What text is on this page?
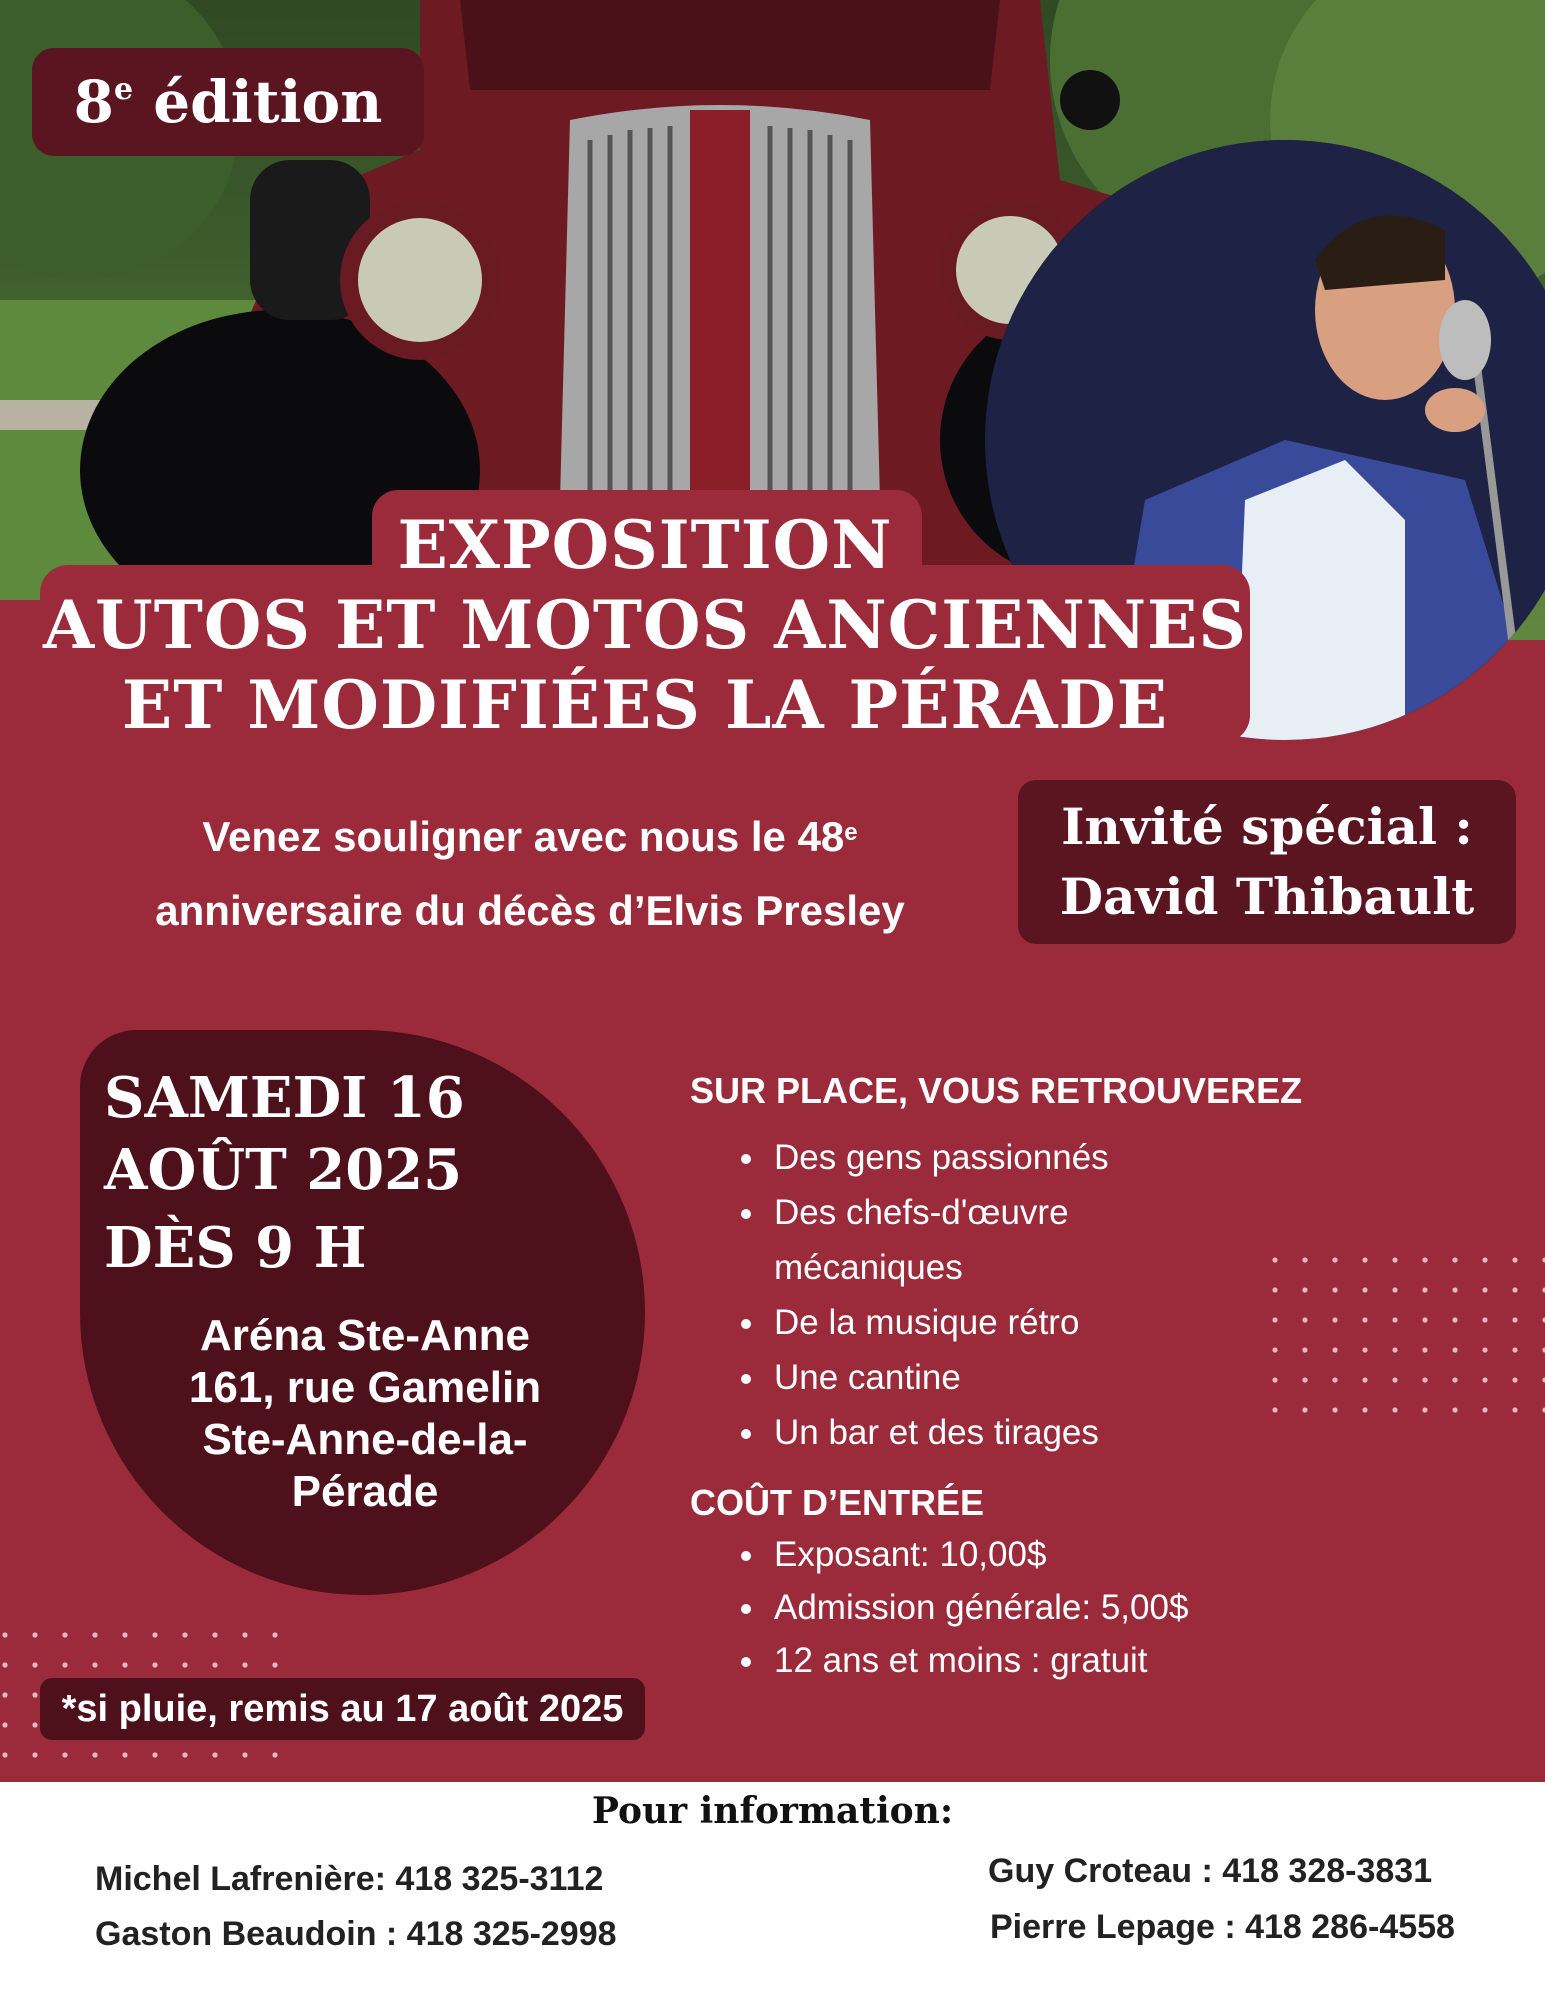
8e édition
EXPOSITION
AUTOS ET MOTOS ANCIENNES
ET MODIFIÉES LA PÉRADE
Venez souligner avec nous le 48e
anniversaire du décès d’Elvis Presley
Invité spécial :
David Thibault
SAMEDI 16
AOÛT 2025
DÈS 9 H
Aréna Ste-Anne
161, rue Gamelin
Ste-Anne-de-la-
Pérade
SUR PLACE, VOUS RETROUVEREZ
• Des gens passionnés
• Des chefs-d'œuvre
mécaniques
• De la musique rétro
• Une cantine
• Un bar et des tirages
COÛT D’ENTRÉE
• Exposant: 10,00$
• Admission générale: 5,00$
• 12 ans et moins : gratuit
*si pluie, remis au 17 août 2025
Pour information:
Michel Lafrenière: 418 325-3112
Gaston Beaudoin : 418 325-2998
Guy Croteau : 418 328-3831
Pierre Lepage : 418 286-4558
